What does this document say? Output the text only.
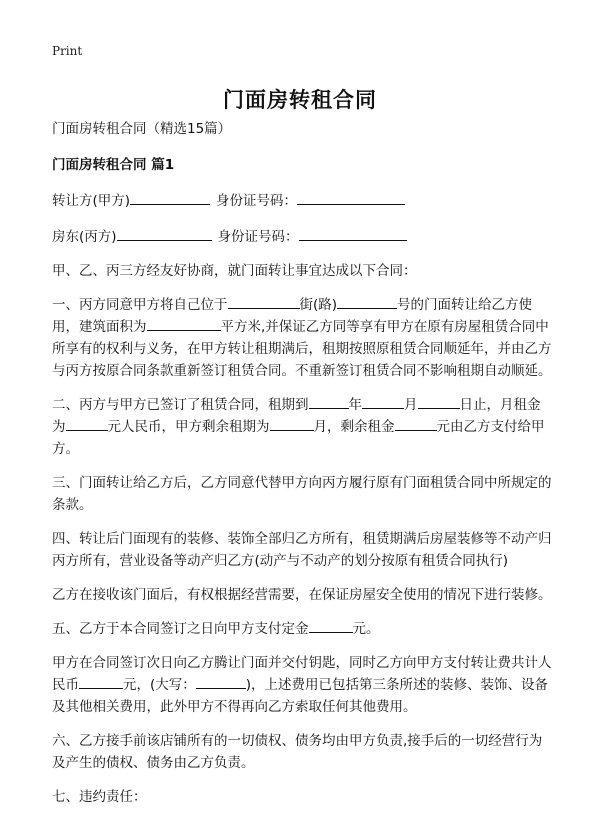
Print
门面房转租合同

门面房转租合同（精选15篇）

门面房转租合同 篇1

转让方(甲方)	身份证号码：

房东(丙方)	身份证号码：

甲、乙、丙三方经友好协商，就门面转让事宜达成以下合同：

一、丙方同意甲方将自己位于	街(路)	号的门面转让给乙方使用，建筑面积为	平方米,并保证乙方同等享有甲方在原有房屋租赁合同中所享有的权利与义务，在甲方转让租期满后，租期按照原租赁合同顺延年，并由乙方与丙方按原合同条款重新签订租赁合同。不重新签订租赁合同不影响租期自动顺延。

二、丙方与甲方已签订了租赁合同，租期到	年	月	日止，月租金为	元人民币，甲方剩余租期为	月，剩余租金	元由乙方支付给甲方。

三、门面转让给乙方后，乙方同意代替甲方向丙方履行原有门面租赁合同中所规定的条款。

四、转让后门面现有的装修、装饰全部归乙方所有，租赁期满后房屋装修等不动产归丙方所有，营业设备等动产归乙方(动产与不动产的划分按原有租赁合同执行)

乙方在接收该门面后，有权根据经营需要，在保证房屋安全使用的情况下进行装修。

五、乙方于本合同签订之日向甲方支付定金	元。

甲方在合同签订次日向乙方腾让门面并交付钥匙，同时乙方向甲方支付转让费共计人民币	元，(大写：	)，上述费用已包括第三条所述的装修、装饰、设备及其他相关费用，此外甲方不得再向乙方索取任何其他费用。

六、乙方接手前该店铺所有的一切债权、债务均由甲方负责,接手后的一切经营行为及产生的债权、债务由乙方负责。

七、违约责任：
